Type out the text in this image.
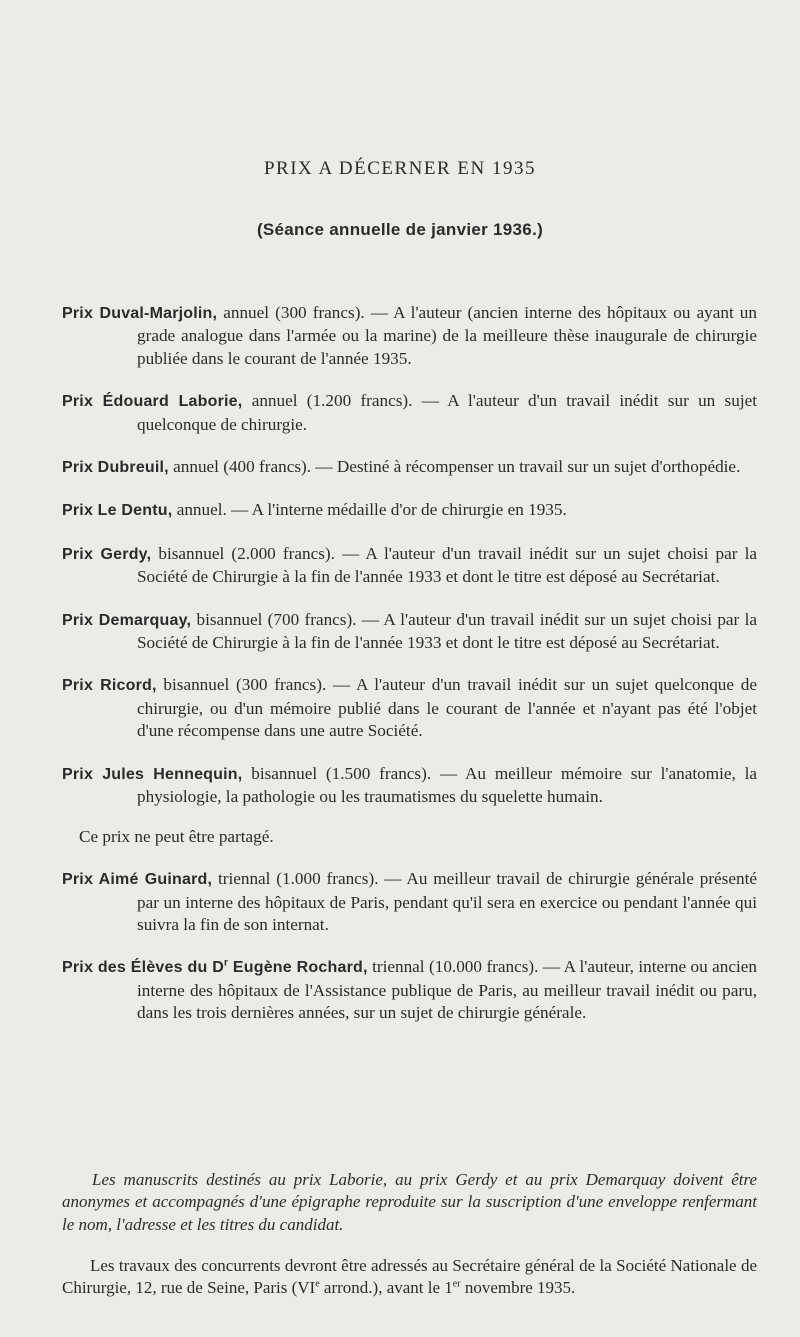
PRIX A DÉCERNER EN 1935
(Séance annuelle de janvier 1936.)

Prix Duval-Marjolin, annuel (300 francs). — A l'auteur (ancien interne des hôpitaux ou ayant un grade analogue dans l'armée ou la marine) de la meilleure thèse inaugurale de chirurgie publiée dans le courant de l'année 1935.

Prix Édouard Laborie, annuel (1.200 francs). — A l'auteur d'un travail inédit sur un sujet quelconque de chirurgie.

Prix Dubreuil, annuel (400 francs). — Destiné à récompenser un travail sur un sujet d'orthopédie.

Prix Le Dentu, annuel. — A l'interne médaille d'or de chirurgie en 1935.

Prix Gerdy, bisannuel (2.000 francs). — A l'auteur d'un travail inédit sur un sujet choisi par la Société de Chirurgie à la fin de l'année 1933 et dont le titre est déposé au Secrétariat.

Prix Demarquay, bisannuel (700 francs). — A l'auteur d'un travail inédit sur un sujet choisi par la Société de Chirurgie à la fin de l'année 1933 et dont le titre est déposé au Secrétariat.

Prix Ricord, bisannuel (300 francs). — A l'auteur d'un travail inédit sur un sujet quelconque de chirurgie, ou d'un mémoire publié dans le courant de l'année et n'ayant pas été l'objet d'une récompense dans une autre Société.

Prix Jules Hennequin, bisannuel (1.500 francs). — Au meilleur mémoire sur l'anatomie, la physiologie, la pathologie ou les traumatismes du squelette humain.

Ce prix ne peut être partagé.

Prix Aimé Guinard, triennal (1.000 francs). — Au meilleur travail de chirurgie générale présenté par un interne des hôpitaux de Paris, pendant qu'il sera en exercice ou pendant l'année qui suivra la fin de son internat.

Prix des Élèves du $D^r$ Eugène Rochard, triennal (10.000 francs). — A l'auteur, interne ou ancien interne des hôpitaux de l'Assistance publique de Paris, au meilleur travail inédit ou paru, dans les trois dernières années, sur un sujet de chirurgie générale.

Les manuscrits destinés au prix Laborie, au prix Gerdy et au prix Demarquay doivent être anonymes et accompagnés d'une épigraphe reproduite sur la suscription d'une enveloppe renfermant le nom, l'adresse et les titres du candidat.

Les travaux des concurrents devront être adressés au Secrétaire général de la Société Nationale de Chirurgie, 12, rue de Seine, Paris (VIe arrond.), avant le 1er novembre 1935.
